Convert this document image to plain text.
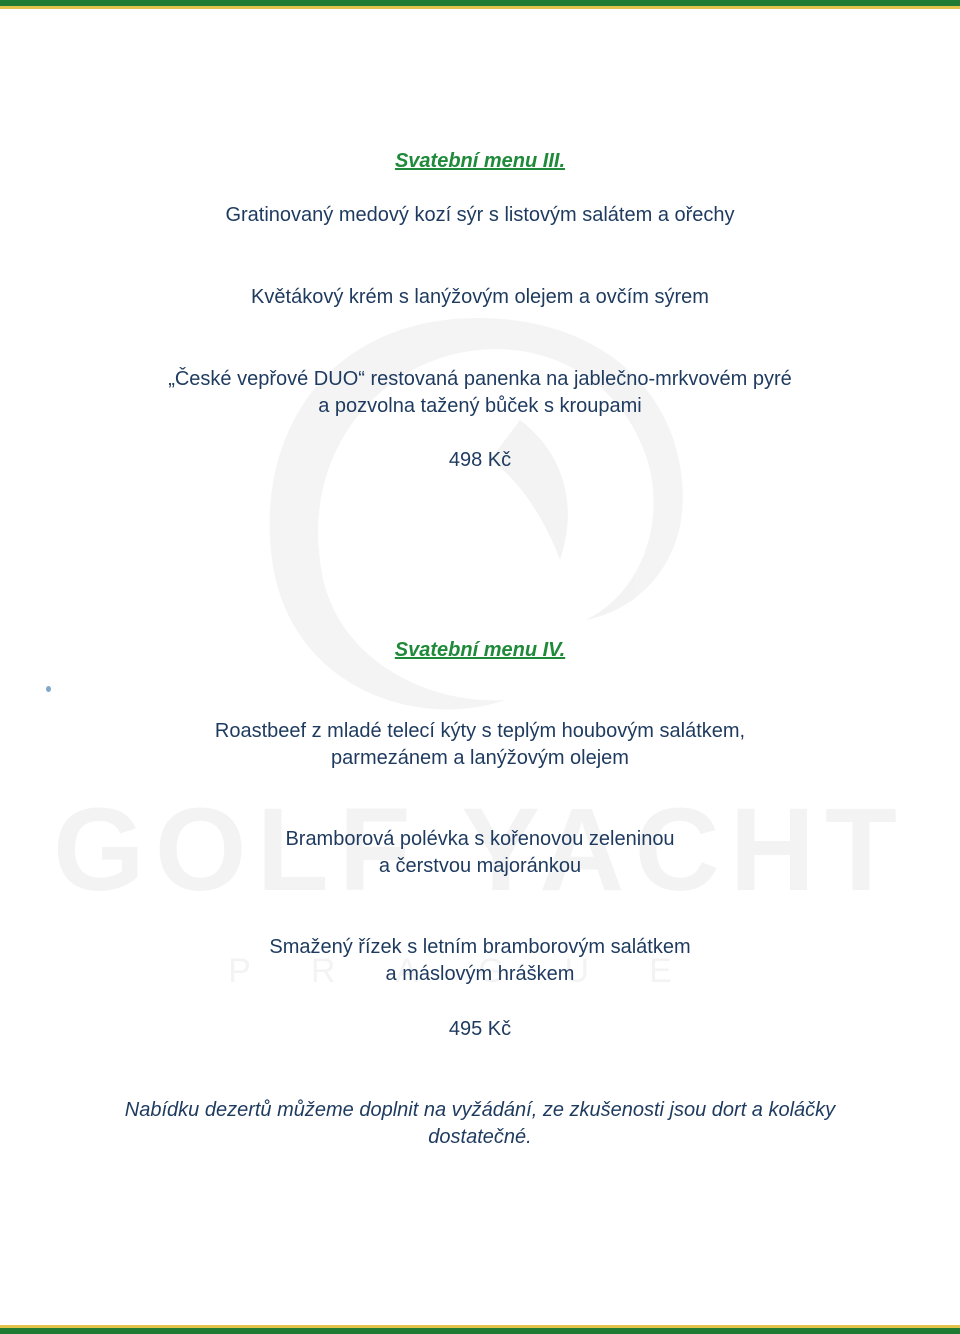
Svatební menu III.
Gratinovaný medový kozí sýr s listovým salátem a ořechy
Květákový krém s lanýžovým olejem a ovčím sýrem
„České vepřové DUO“ restovaná panenka na jablečno-mrkvovém pyré
a pozvolna tažený bůček s kroupami
498 Kč
Svatební menu IV.
Roastbeef z mladé telecí kýty s teplým houbovým salátkem,
parmezánem a lanýžovým olejem
Bramborová polévka s kořenovou zeleninou
a čerstvou majoránkou
Smažený řízek s letním bramborovým salátkem
a máslovým hráškem
495 Kč
Nabídku dezertů můžeme doplnit na vyžádání, ze zkušenosti jsou dort a koláčky
dostatečné.
